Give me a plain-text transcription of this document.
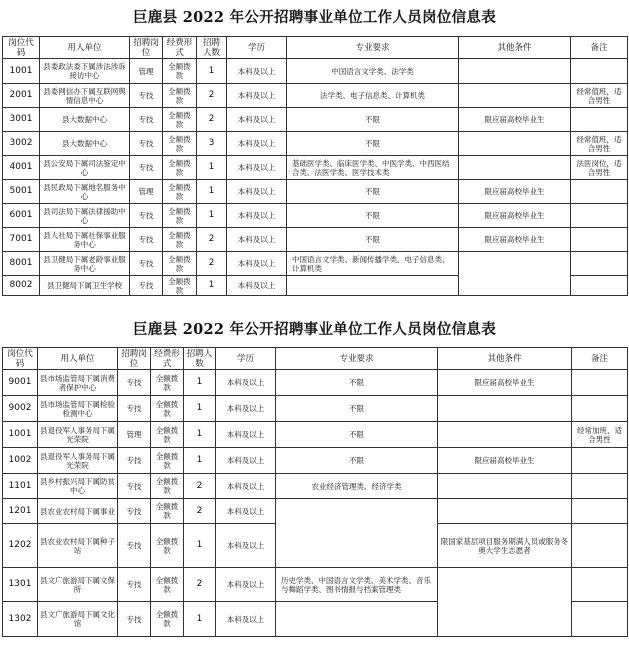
巨鹿县 2022 年公开招聘事业单位工作人员岗位信息表
岗位代码	用人单位	招聘岗位	经费形式	招聘人数	学历	专业要求	其他条件	备注
1001	县委政法委下属涉法涉诉接访中心	管理	全额拨款	1	本科及以上	中国语言文学类、法学类		
2001	县委网信办下属互联网舆情信息中心	专技	全额拨款	2	本科及以上	法学类、电子信息类、计算机类		经常值班，适合男性
3001	县大数据中心	专技	全额拨款	2	本科及以上	不限	限应届高校毕业生	
3002	县大数据中心	专技	全额拨款	3	本科及以上	不限		经常值班，适合男性
4001	县公安局下属司法鉴定中心	专技	全额拨款	1	本科及以上	基础医学类、临床医学类、中医学类、中西医结合类、法医学类、医学技术类		法医岗位，适合男性
5001	县民政局下属地名服务中心	管理	全额拨款	1	本科及以上	不限	限应届高校毕业生	
6001	县司法局下属法律援助中心	专技	全额拨款	1	本科及以上	不限	限应届高校毕业生	
7001	县人社局下属社保事业服务中心	专技	全额拨款	2	本科及以上	不限	限应届高校毕业生	
8001	县卫健局下属老龄事业服务中心	专技	全额拨款	2	本科及以上	中国语言文学类、新闻传播学类、电子信息类、计算机类		
8002	县卫健局下属卫生学校	专技	全额拨款	1	本科及以上			
巨鹿县 2022 年公开招聘事业单位工作人员岗位信息表
岗位代码	用人单位	招聘岗位	经费形式	招聘人数	学历	专业要求	其他条件	备注
9001	县市场监管局下属消费者保护中心	专技	全额拨款	1	本科及以上	不限	限应届高校毕业生	
9002	县市场监管局下属检验检测中心	专技	全额拨款	1	本科及以上	不限		
1001	县退役军人事务局下属光荣院	管理	全额拨款	1	本科及以上	不限		经常加班，适合男性
1002	县退役军人事务局下属光荣院	专技	全额拨款	1	本科及以上	不限	限应届高校毕业生	
1101	县乡村振兴局下属防贫中心	专技	全额拨款	2	本科及以上	农业经济管理类、经济学类		
1201	县农业农村局下属事业	专技	全额拨款	2	本科及以上			
1202	县农业农村局下属种子站	专技	全额拨款	1	本科及以上		限国家基层项目服务期满人员或服务冬奥大学生志愿者	
1301	县文广旅游局下属文保所	专技	全额拨款	2	本科及以上	历史学类、中国语言文学类、美术学类、音乐与舞蹈学类、图书情报与档案管理类		
1302	县文广旅游局下属文化馆	专技	全额拨款	1	本科及以上			
